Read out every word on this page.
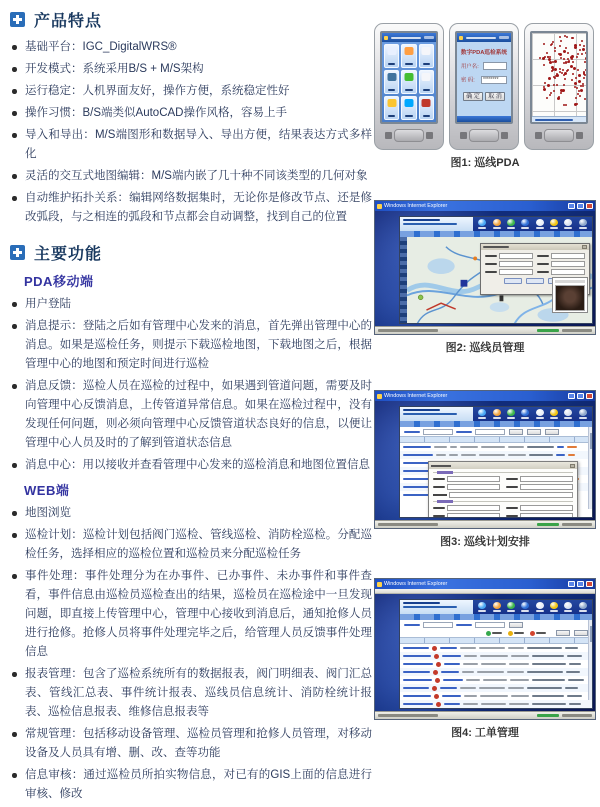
产品特点
基础平台：IGC_DigitalWRS®
开发模式：系统采用B/S + M/S架构
运行稳定：人机界面友好，操作方便，系统稳定性好
操作习惯：B/S端类似AutoCAD操作风格，容易上手
导入和导出：M/S端图形和数据导入、导出方便，结果表达方式多样化
灵活的交互式地图编辑：M/S端内嵌了几十种不同该类型的几何对象
自动维护拓扑关系：编辑网络数据集时，无论你是修改节点、还是修改弧段，与之相连的弧段和节点都会自动调整，找到自己的位置
主要功能
PDA移动端
用户登陆
消息提示：登陆之后如有管理中心发来的消息，首先弹出管理中心的消息。如果是巡检任务，则提示下载巡检地图，下载地图之后，根据管理中心的地图和预定时间进行巡检
消息反馈：巡检人员在巡检的过程中，如果遇到管道问题，需要及时向管理中心反馈消息，上传管道异常信息。如果在巡检过程中，没有发现任何问题，则必须向管理中心反馈管道状态良好的信息，以便让管理中心人员及时的了解到管道状态信息
消息中心：用以接收并查看管理中心发来的巡检消息和地图位置信息
WEB端
地图浏览
巡检计划：巡检计划包括阀门巡检、管线巡检、消防栓巡检。分配巡检任务，选择相应的巡检位置和巡检员来分配巡检任务
事件处理：事件处理分为在办事件、已办事件、未办事件和事件查看，事件信息由巡检员巡检查出的结果，巡检员在巡检途中一旦发现问题，即直接上传管理中心，管理中心接收到消息后，通知抢修人员进行抢修。抢修人员将事件处理完毕之后，给管理人员反馈事件处理信息
报表管理：包含了巡检系统所有的数据报表，阀门明细表、阀门汇总表、管线汇总表、事件统计报表、巡线员信息统计、消防栓统计报表、巡检信息报表、维修信息报表等
常规管理：包括移动设备管理、巡检员管理和抢修人员管理，对移动设备及人员具有增、删、改、查等功能
信息审核：通过巡检员所拍实物信息，对已有的GIS上面的信息进行审核、修改
数字PDA巡检系统
用户名:
密 码:	********
确 定	取 消
图1: 巡线PDA
Windows Internet Explorer
图2: 巡线员管理
Windows Internet Explorer
图3: 巡线计划安排
Windows Internet Explorer
图4: 工单管理
